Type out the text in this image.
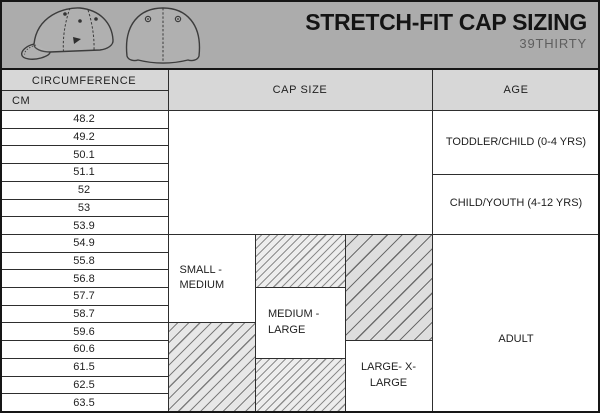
STRETCH-FIT CAP SIZING
39THIRTY
CIRCUMFERENCE
CM
CAP SIZE	AGE
48.2
49.2
50.1
51.1
52
53
53.9
54.9
55.8
56.8
57.7
58.7
59.6
60.6
61.5
62.5
63.5
SMALL - MEDIUM
MEDIUM - LARGE
LARGE- X-LARGE
TODDLER/CHILD (0-4 YRS)
CHILD/YOUTH (4-12 YRS)
ADULT
